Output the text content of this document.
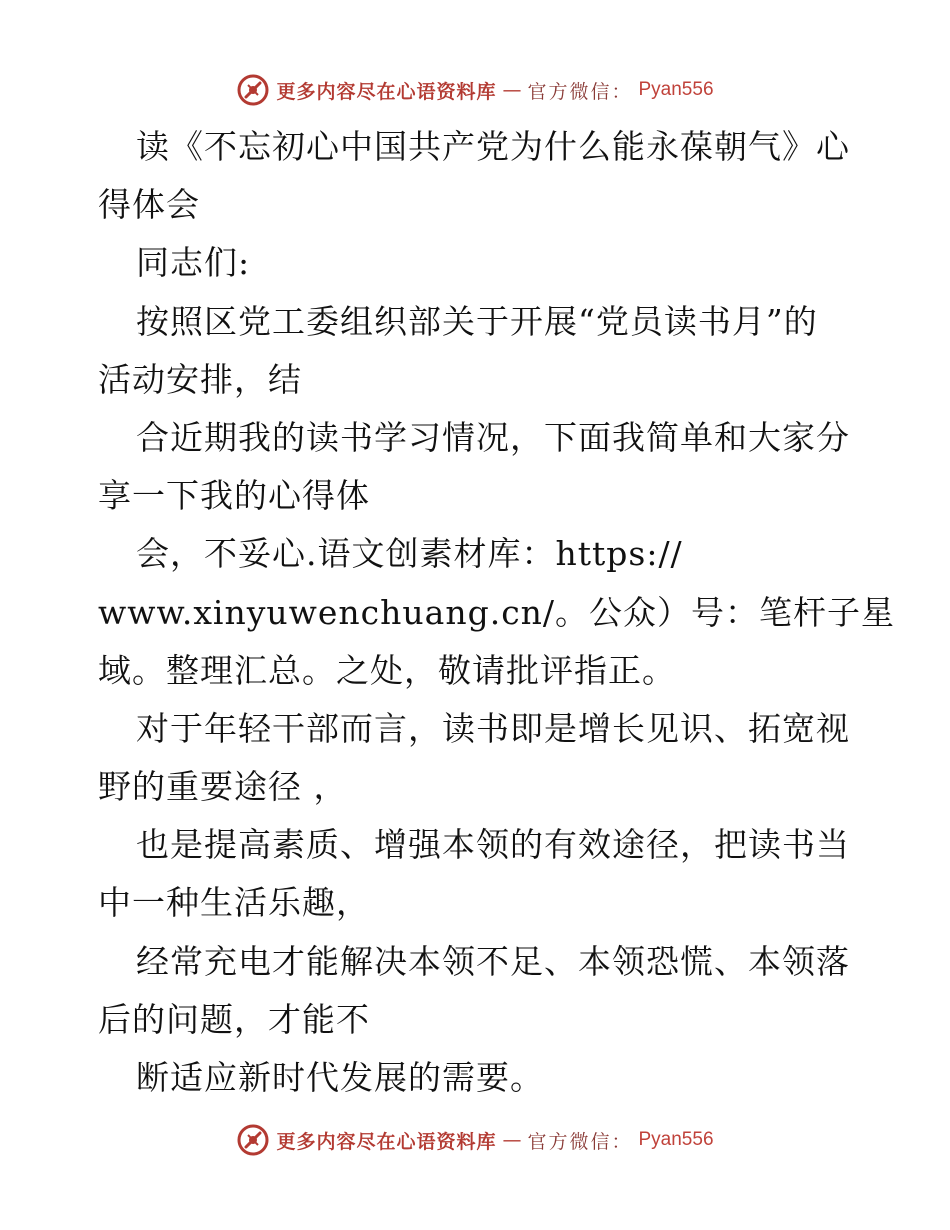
更多内容尽在心语资料库 — 官方微信： Pyan556
读《不忘初心中国共产党为什么能永葆朝气》心
得体会
同志们:
按照区党工委组织部关于开展“党员读书月”的
活动安排，结
合近期我的读书学习情况，下面我简单和大家分
享一下我的心得体
会，不妥心.语文创素材库：https://
www.xinyuwenchuang.cn/。公众）号：笔杆子星
域。整理汇总。之处，敬请批评指正。
对于年轻干部而言，读书即是增长见识、拓宽视
野的重要途径 ，
也是提高素质、增强本领的有效途径，把读书当
中一种生活乐趣，
经常充电才能解决本领不足、本领恐慌、本领落
后的问题，才能不
断适应新时代发展的需要。
更多内容尽在心语资料库 — 官方微信： Pyan556
